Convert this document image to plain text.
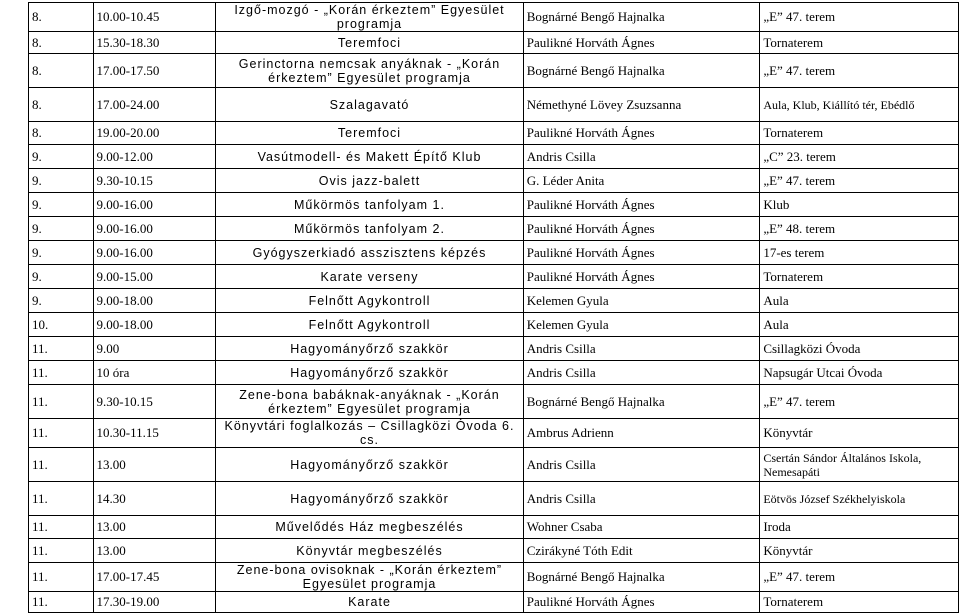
8.	10.00-10.45	Izgő-mozgó - „Korán érkeztem” Egyesület programja	Bognárné Bengő Hajnalka	„E” 47. terem
8.	15.30-18.30	Teremfoci	Paulikné Horváth Ágnes	Tornaterem
8.	17.00-17.50	Gerinctorna nemcsak anyáknak - „Korán érkeztem” Egyesület programja	Bognárné Bengő Hajnalka	„E” 47. terem
8.	17.00-24.00	Szalagavató	Némethyné Lövey Zsuzsanna	Aula, Klub, Kiállító tér, Ebédlő
8.	19.00-20.00	Teremfoci	Paulikné Horváth Ágnes	Tornaterem
9.	9.00-12.00	Vasútmodell- és Makett Építő Klub	Andris Csilla	„C” 23. terem
9.	9.30-10.15	Ovis jazz-balett	G. Léder Anita	„E” 47. terem
9.	9.00-16.00	Műkörmös tanfolyam 1.	Paulikné Horváth Ágnes	Klub
9.	9.00-16.00	Műkörmös tanfolyam 2.	Paulikné Horváth Ágnes	„E” 48. terem
9.	9.00-16.00	Gyógyszerkiadó asszisztens képzés	Paulikné Horváth Ágnes	17-es terem
9.	9.00-15.00	Karate verseny	Paulikné Horváth Ágnes	Tornaterem
9.	9.00-18.00	Felnőtt Agykontroll	Kelemen Gyula	Aula
10.	9.00-18.00	Felnőtt Agykontroll	Kelemen Gyula	Aula
11.	9.00	Hagyományőrző szakkör	Andris Csilla	Csillagközi Óvoda
11.	10 óra	Hagyományőrző szakkör	Andris Csilla	Napsugár Utcai Óvoda
11.	9.30-10.15	Zene-bona babáknak-anyáknak - „Korán érkeztem” Egyesület programja	Bognárné Bengő Hajnalka	„E” 47. terem
11.	10.30-11.15	Könyvtári foglalkozás – Csillagközi Óvoda 6. cs.	Ambrus Adrienn	Könyvtár
11.	13.00	Hagyományőrző szakkör	Andris Csilla	Csertán Sándor Általános Iskola, Nemesapáti
11.	14.30	Hagyományőrző szakkör	Andris Csilla	Eötvös József Székhelyiskola
11.	13.00	Művelődés Ház megbeszélés	Wohner Csaba	Iroda
11.	13.00	Könyvtár megbeszélés	Czirákyné Tóth Edit	Könyvtár
11.	17.00-17.45	Zene-bona ovisoknak - „Korán érkeztem” Egyesület programja	Bognárné Bengő Hajnalka	„E” 47. terem
11.	17.30-19.00	Karate	Paulikné Horváth Ágnes	Tornaterem
